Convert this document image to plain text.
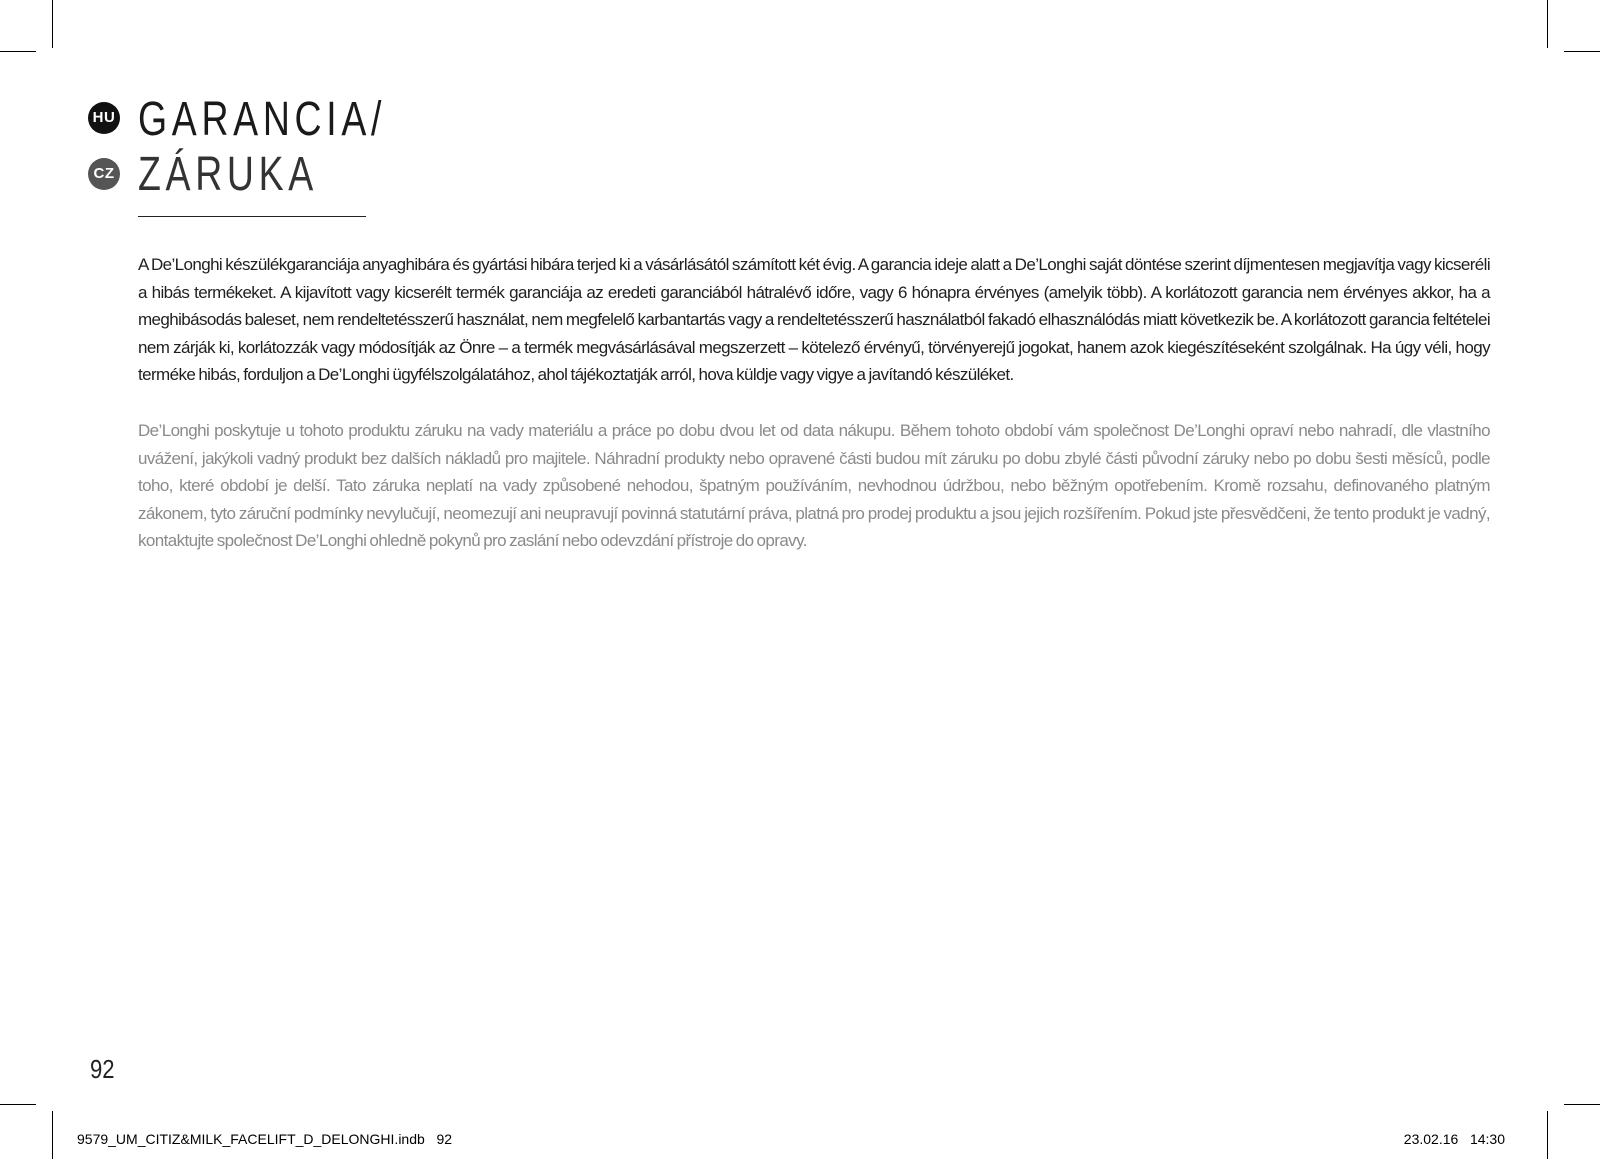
HU
CZ
GARANCIA/
ZÁRUKA

A De’Longhi készülékgaranciája anyaghibára és gyártási hibára terjed ki a vásárlásától számított két évig. A garancia ideje alatt a De’Longhi saját döntése szerint díjmentesen megjavítja vagy kicseréli a hibás termékeket. A kijavított vagy kicserélt termék garanciája az eredeti garanciából hátralévő időre, vagy 6 hónapra érvényes (amelyik több). A korlátozott garancia nem érvényes akkor, ha a meghibásodás baleset, nem rendeltetésszerű használat, nem megfelelő karbantartás vagy a rendeltetésszerű használatból fakadó elhasználódás miatt következik be. A korlátozott garancia feltételei nem zárják ki, korlátozzák vagy módosítják az Önre – a termék megvásárlásával megszerzett – kötelező érvényű, törvényerejű jogokat, hanem azok kiegészítéseként szolgálnak. Ha úgy véli, hogy terméke hibás, forduljon a De’Longhi ügyfélszolgálatához, ahol tájékoztatják arról, hova küldje vagy vigye a javítandó készüléket.

De’Longhi poskytuje u tohoto produktu záruku na vady materiálu a práce po dobu dvou let od data nákupu. Během tohoto období vám společnost De’Longhi opraví nebo nahradí, dle vlastního uvážení, jakýkoli vadný produkt bez dalších nákladů pro majitele. Náhradní produkty nebo opravené části budou mít záruku po dobu zbylé části původní záruky nebo po dobu šesti měsíců, podle toho, které období je delší. Tato záruka neplatí na vady způsobené nehodou, špatným používáním, nevhodnou údržbou, nebo běžným opotřebením. Kromě rozsahu, definovaného platným zákonem, tyto záruční podmínky nevylučují, neomezují ani neupravují povinná statutární práva, platná pro prodej produktu a jsou jejich rozšířením. Pokud jste přesvědčeni, že tento produkt je vadný, kontaktujte společnost De’Longhi ohledně pokynů pro zaslání nebo odevzdání přístroje do opravy.

92
9579_UM_CITIZ&MILK_FACELIFT_D_DELONGHI.indb   92	23.02.16   14:30
